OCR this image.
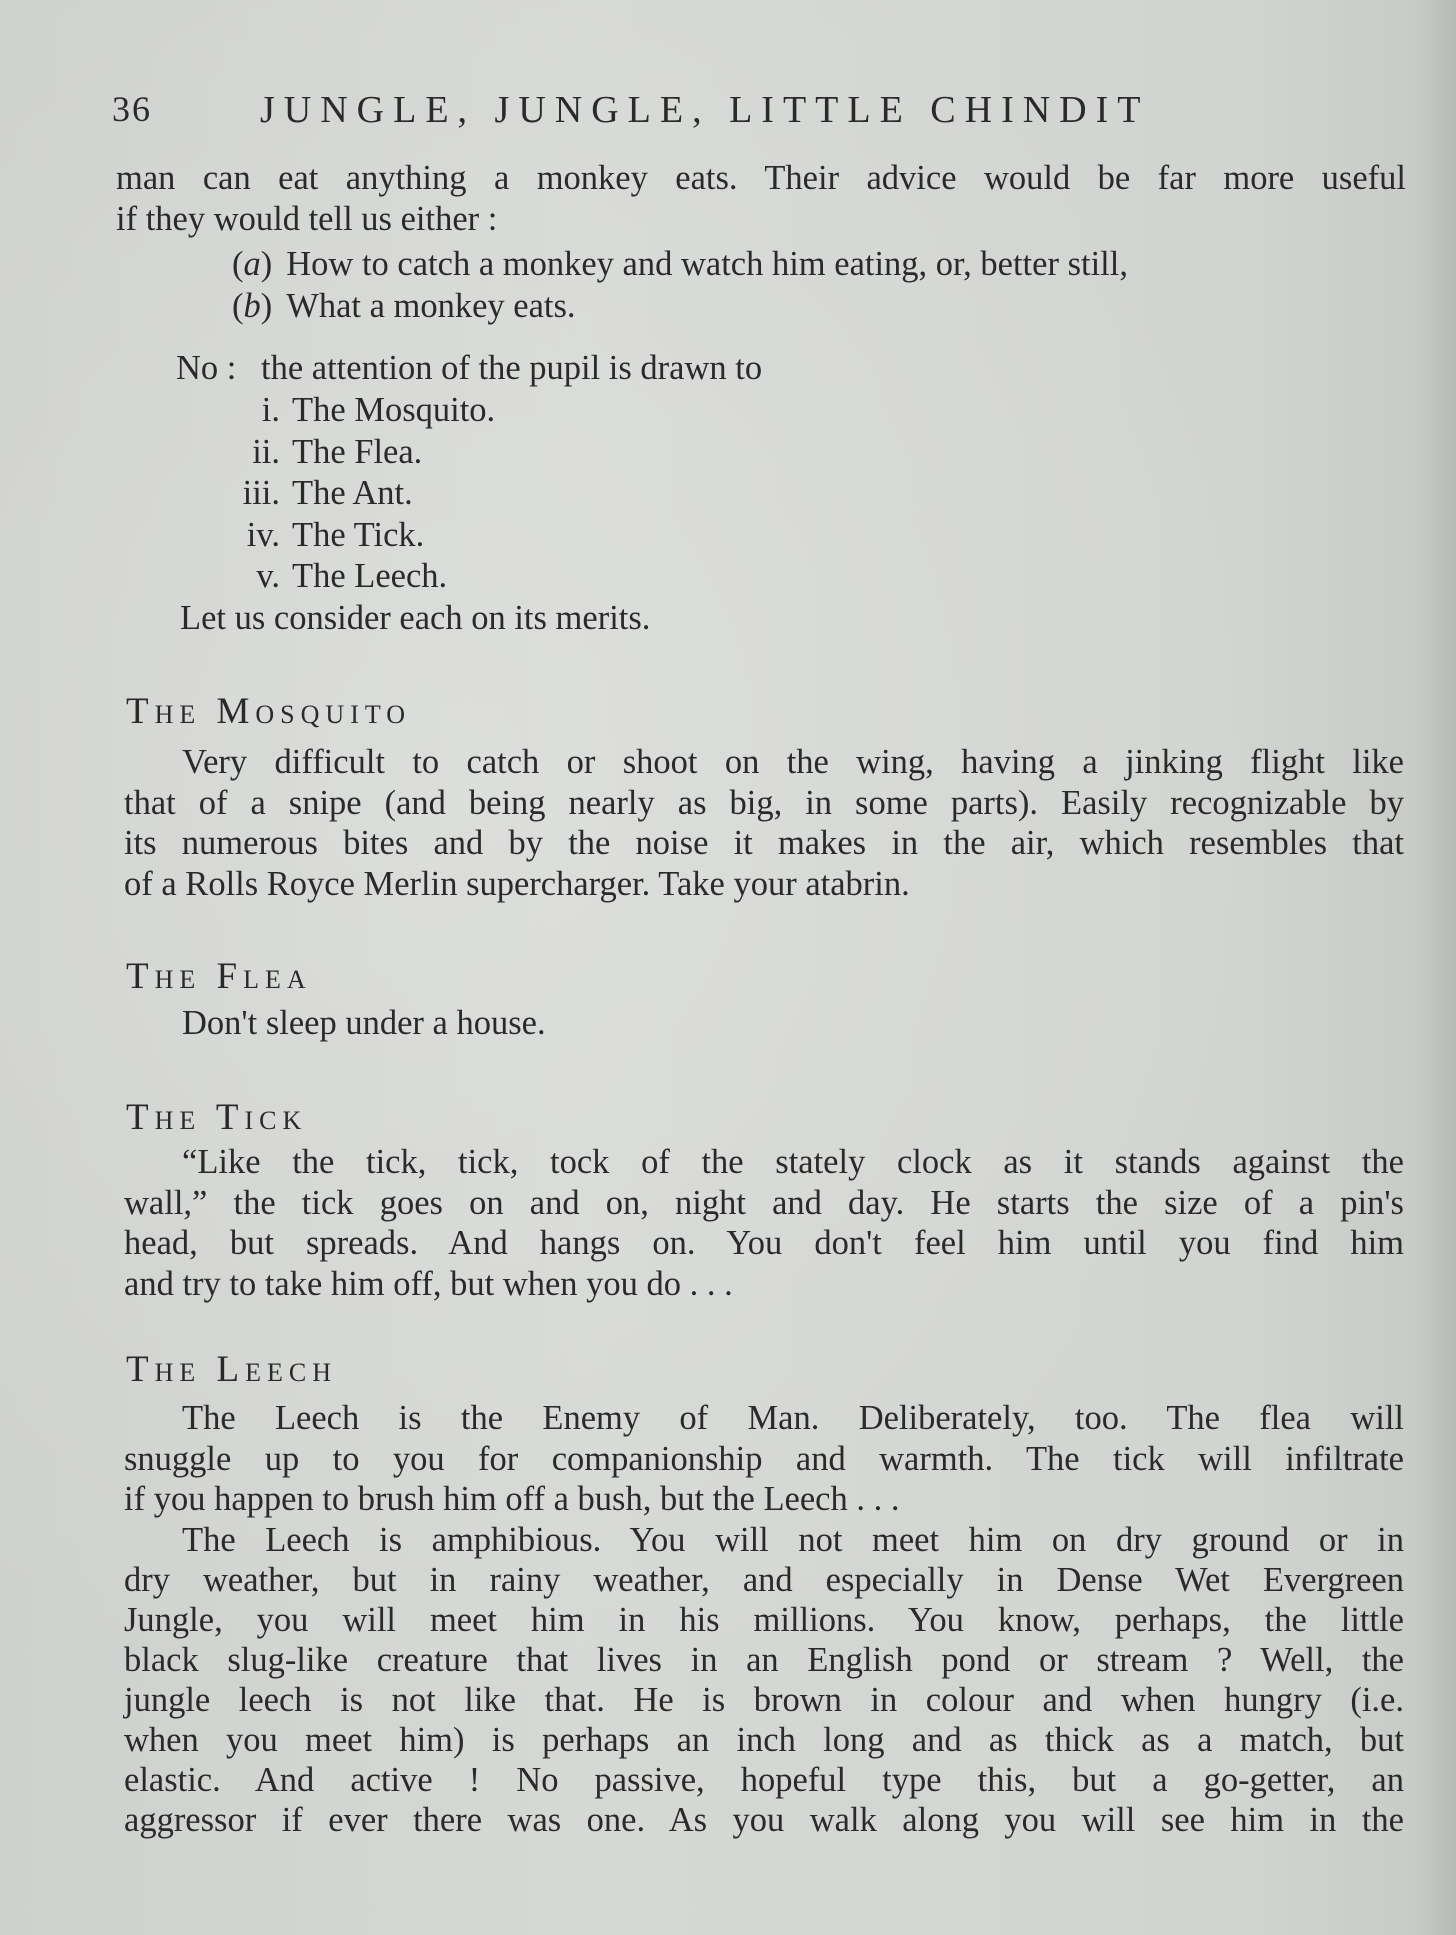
36	JUNGLE, JUNGLE, LITTLE CHINDIT
man can eat anything a monkey eats. Their advice would be far more useful
if they would tell us either :
(a) How to catch a monkey and watch him eating, or, better still,
(b) What a monkey eats.
No : the attention of the pupil is drawn to
i. The Mosquito.
ii. The Flea.
iii. The Ant.
iv. The Tick.
v. The Leech.
Let us consider each on its merits.
The Mosquito
Very difficult to catch or shoot on the wing, having a jinking flight like
that of a snipe (and being nearly as big, in some parts). Easily recognizable by
its numerous bites and by the noise it makes in the air, which resembles that
of a Rolls Royce Merlin supercharger. Take your atabrin.
The Flea
Don't sleep under a house.
The Tick
“Like the tick, tick, tock of the stately clock as it stands against the
wall,” the tick goes on and on, night and day. He starts the size of a pin's
head, but spreads. And hangs on. You don't feel him until you find him
and try to take him off, but when you do . . .
The Leech
The Leech is the Enemy of Man. Deliberately, too. The flea will
snuggle up to you for companionship and warmth. The tick will infiltrate
if you happen to brush him off a bush, but the Leech . . .
The Leech is amphibious. You will not meet him on dry ground or in
dry weather, but in rainy weather, and especially in Dense Wet Evergreen
Jungle, you will meet him in his millions. You know, perhaps, the little
black slug-like creature that lives in an English pond or stream ? Well, the
jungle leech is not like that. He is brown in colour and when hungry (i.e.
when you meet him) is perhaps an inch long and as thick as a match, but
elastic. And active ! No passive, hopeful type this, but a go-getter, an
aggressor if ever there was one. As you walk along you will see him in the
